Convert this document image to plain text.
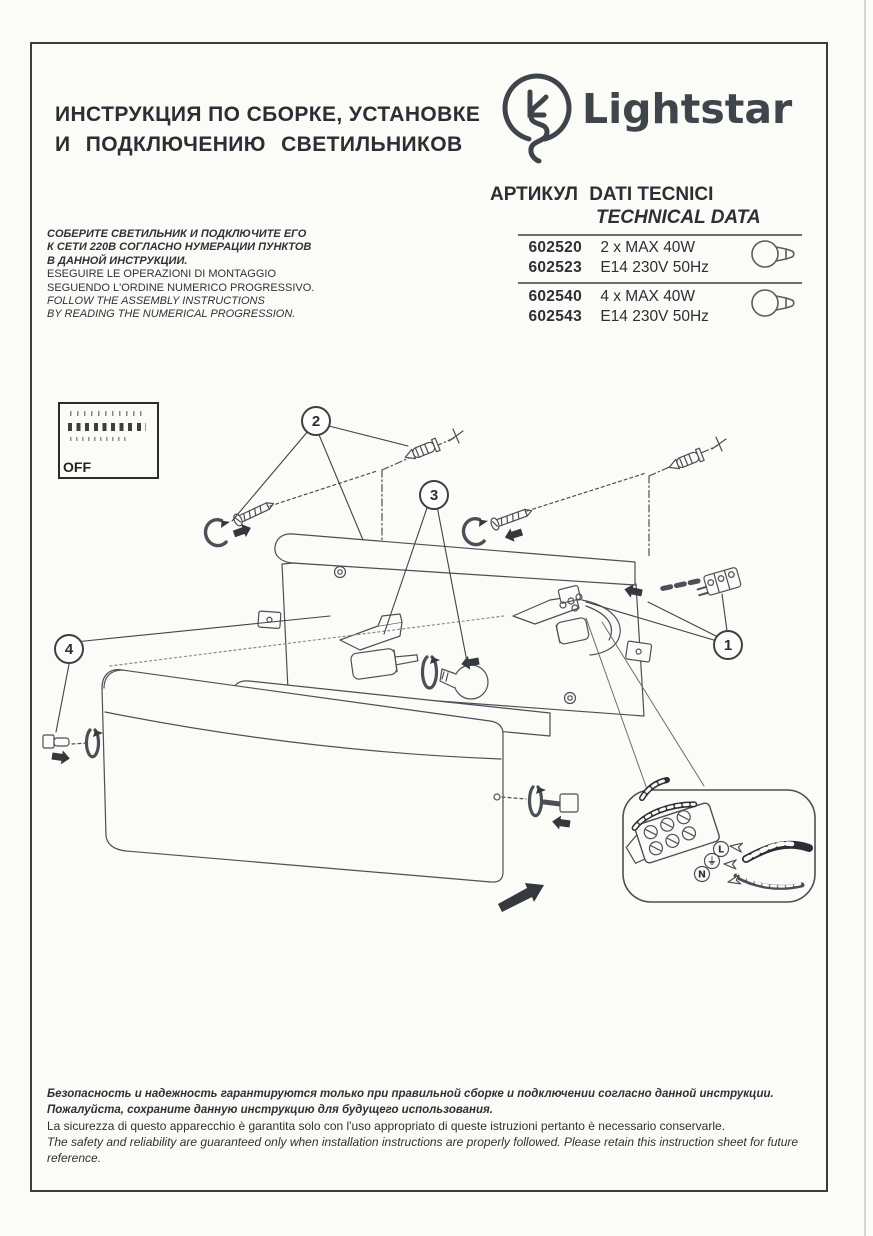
ИНСТРУКЦИЯ ПО СБОРКЕ, УСТАНОВКЕ
И ПОДКЛЮЧЕНИЮ СВЕТИЛЬНИКОВ
Lightstar
АРТИКУЛ DATI TECNICI
TECHNICAL DATA
602520 2 x MAX 40W
602523 E14 230V 50Hz
602540 4 x MAX 40W
602543 E14 230V 50Hz
СОБЕРИТЕ СВЕТИЛЬНИК И ПОДКЛЮЧИТЕ ЕГО
К СЕТИ 220В СОГЛАСНО НУМЕРАЦИИ ПУНКТОВ
В ДАННОЙ ИНСТРУКЦИИ.
ESEGUIRE LE OPERAZIONI DI MONTAGGIO
SEGUENDO L'ORDINE NUMERICO PROGRESSIVO.
FOLLOW THE ASSEMBLY INSTRUCTIONS
BY READING THE NUMERICAL PROGRESSION.
OFF
L
⏚
N
2
3
1
4
Безопасность и надежность гарантируются только при правильной сборке и подключении согласно данной инструкции.
Пожалуйста, сохраните данную инструкцию для будущего использования.
La sicurezza di questo apparecchio è garantita solo con l'uso appropriato di queste istruzioni pertanto è necessario conservarle.
The safety and reliability are guaranteed only when installation instructions are properly followed. Please retain this instruction sheet for future reference.
